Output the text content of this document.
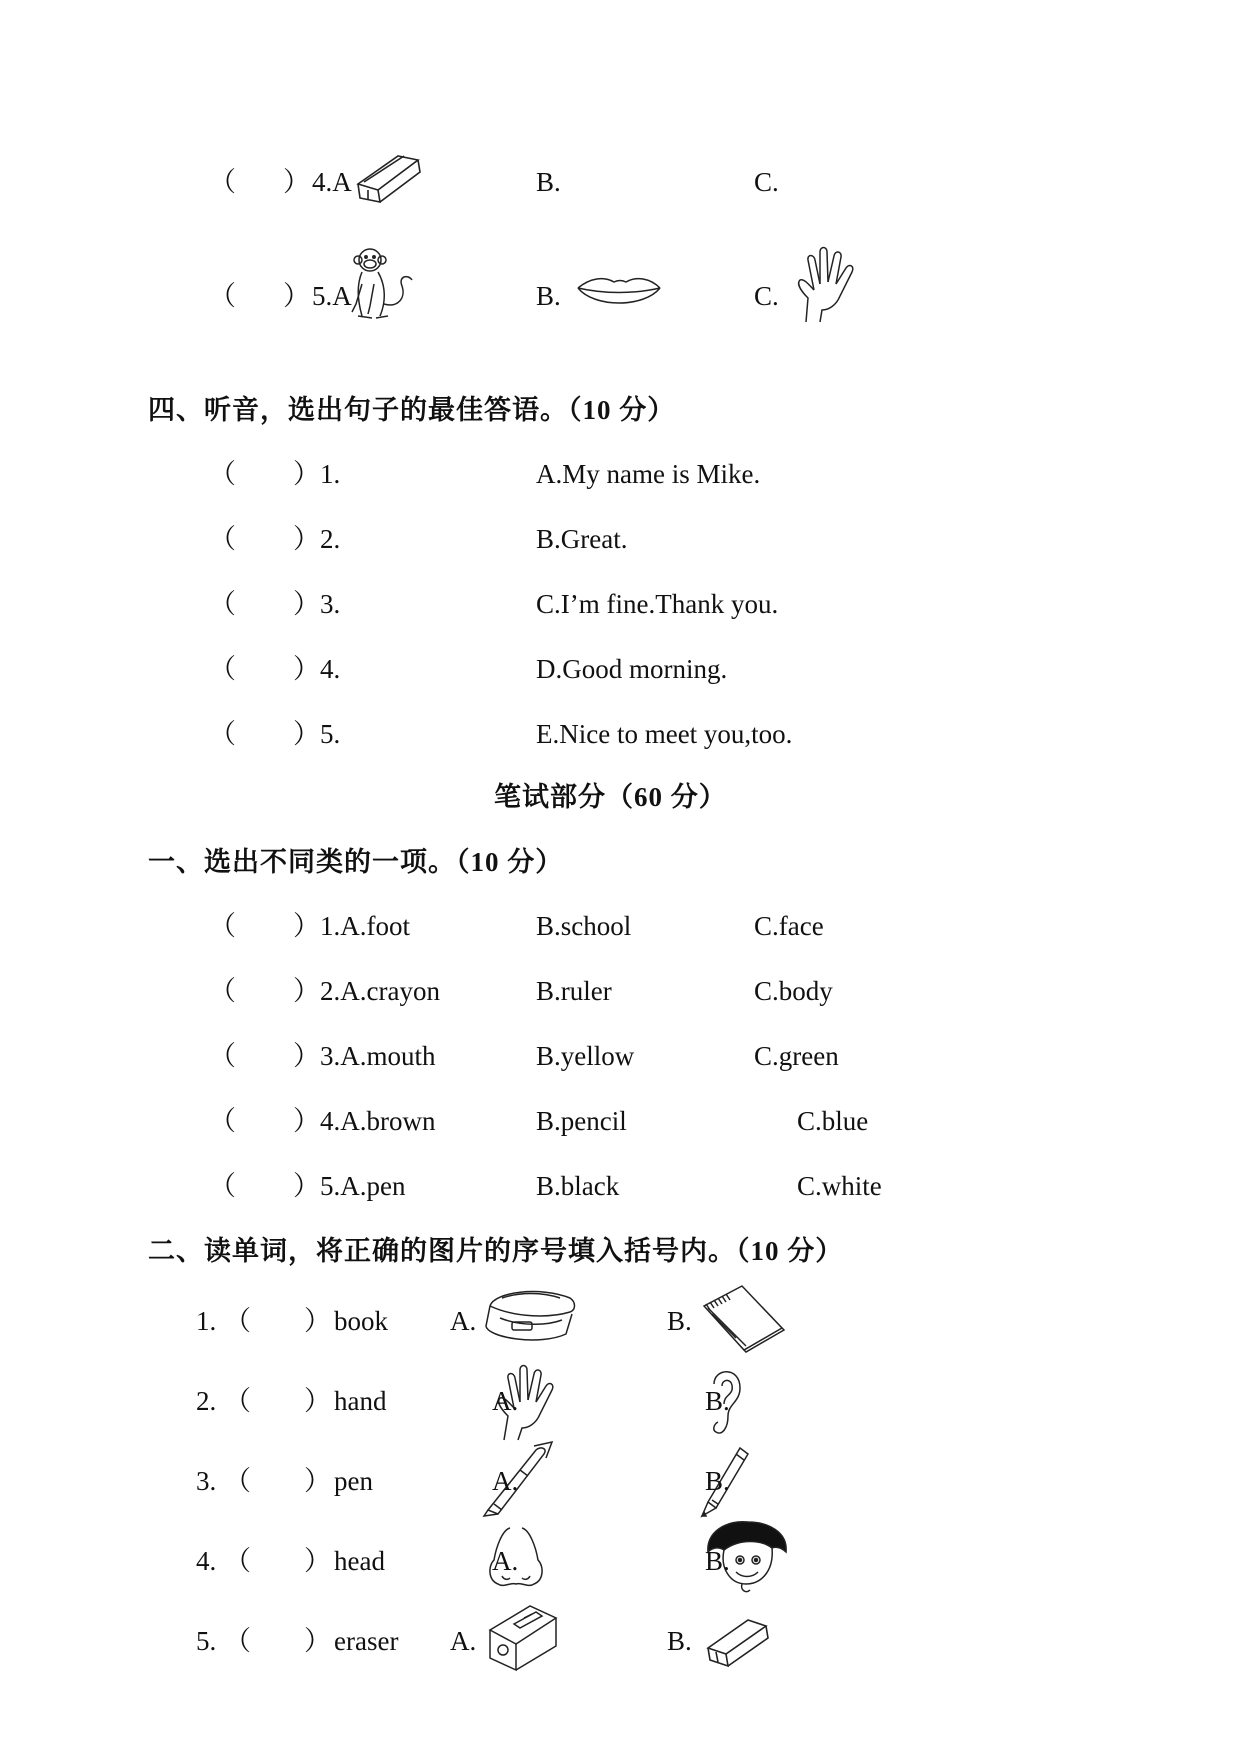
（ ） 4.A	B.	C.
（ ） 5.A	B.	C.
四、听音，选出句子的最佳答语。（10 分）
（ ） 1.	A.My name is Mike.
（ ） 2.	B.Great.
（ ） 3.	C.I’m fine.Thank you.
（ ） 4.	D.Good morning.
（ ） 5.	E.Nice to meet you,too.
笔试部分（60 分）
一、选出不同类的一项。（10 分）
（ ） 1.A.foot	B.school	C.face
（ ） 2.A.crayon	B.ruler	C.body
（ ） 3.A.mouth	B.yellow	C.green
（ ） 4.A.brown	B.pencil	C.blue
（ ） 5.A.pen	B.black	C.white
二、读单词，将正确的图片的序号填入括号内。（10 分）
1. （ ） book A.	B.
2. （ ） hand	A.	B.
3. （ ） pen	A.	B.
4. （ ） head	A.	B.
5. （ ） eraser A.	B.
